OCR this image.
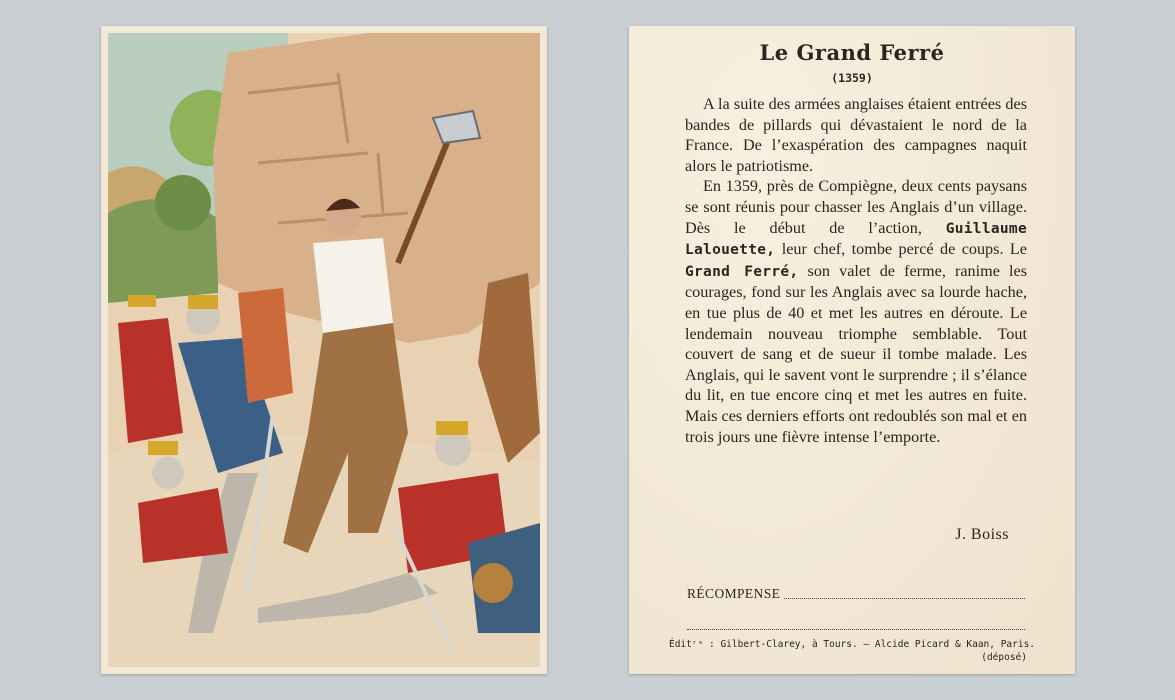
Le Grand Ferré
(1359)

A la suite des armées anglaises étaient entrées des bandes de pillards qui dévastaient le nord de la France. De l’exaspération des campagnes naquit alors le patriotisme.

En 1359, près de Compiègne, deux cents paysans se sont réunis pour chasser les Anglais d’un village. Dès le début de l’action, Guillaume Lalouette, leur chef, tombe percé de coups. Le Grand Ferré, son valet de ferme, ranime les courages, fond sur les Anglais avec sa lourde hache, en tue plus de 40 et met les autres en déroute. Le lendemain nouveau triomphe semblable. Tout couvert de sang et de sueur il tombe malade. Les Anglais, qui le savent vont le surprendre ; il s’élance du lit, en tue encore cinq et met les autres en fuite. Mais ces derniers efforts ont redoublés son mal et en trois jours une fièvre intense l’emporte.

J. Boiss
RÉCOMPENSE
Éditʳˢ : Gilbert-Clarey, à Tours. — Alcide Picard & Kaan, Paris.
(déposé)
